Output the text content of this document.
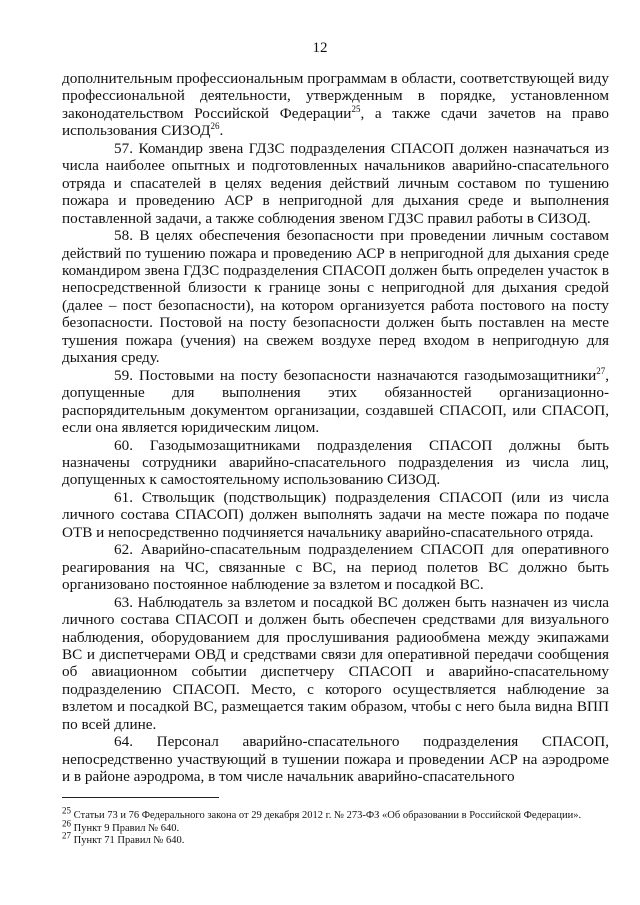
12

дополнительным профессиональным программам в области, соответствующей виду профессиональной деятельности, утвержденным в порядке, установленном законодательством Российской Федерации$^{25}$, а также сдачи зачетов на право использования СИЗОД$^{26}$.

57. Командир звена ГДЗС подразделения СПАСОП должен назначаться из числа наиболее опытных и подготовленных начальников аварийно-спасательного отряда и спасателей в целях ведения действий личным составом по тушению пожара и проведению АСР в непригодной для дыхания среде и выполнения поставленной задачи, а также соблюдения звеном ГДЗС правил работы в СИЗОД.

58. В целях обеспечения безопасности при проведении личным составом действий по тушению пожара и проведению АСР в непригодной для дыхания среде командиром звена ГДЗС подразделения СПАСОП должен быть определен участок в непосредственной близости к границе зоны с непригодной для дыхания средой (далее – пост безопасности), на котором организуется работа постового на посту безопасности. Постовой на посту безопасности должен быть поставлен на месте тушения пожара (учения) на свежем воздухе перед входом в непригодную для дыхания среду.

59. Постовыми на посту безопасности назначаются газодымозащитники$^{27}$, допущенные для выполнения этих обязанностей организационно-распорядительным документом организации, создавшей СПАСОП, или СПАСОП, если она является юридическим лицом.

60. Газодымозащитниками подразделения СПАСОП должны быть назначены сотрудники аварийно-спасательного подразделения из числа лиц, допущенных к самостоятельному использованию СИЗОД.

61. Ствольщик (подствольщик) подразделения СПАСОП (или из числа личного состава СПАСОП) должен выполнять задачи на месте пожара по подаче ОТВ и непосредственно подчиняется начальнику аварийно-спасательного отряда.

62. Аварийно-спасательным подразделением СПАСОП для оперативного реагирования на ЧС, связанные с ВС, на период полетов ВС должно быть организовано постоянное наблюдение за взлетом и посадкой ВС.

63. Наблюдатель за взлетом и посадкой ВС должен быть назначен из числа личного состава СПАСОП и должен быть обеспечен средствами для визуального наблюдения, оборудованием для прослушивания радиообмена между экипажами ВС и диспетчерами ОВД и средствами связи для оперативной передачи сообщения об авиационном событии диспетчеру СПАСОП и аварийно-спасательному подразделению СПАСОП. Место, с которого осуществляется наблюдение за взлетом и посадкой ВС, размещается таким образом, чтобы с него была видна ВПП по всей длине.

64. Персонал аварийно-спасательного подразделения СПАСОП, непосредственно участвующий в тушении пожара и проведении АСР на аэродроме и в районе аэродрома, в том числе начальник аварийно-спасательного

$^{25}$ Статьи 73 и 76 Федерального закона от 29 декабря 2012 г. № 273-ФЗ «Об образовании в Российской Федерации».
$^{26}$ Пункт 9 Правил № 640.
$^{27}$ Пункт 71 Правил № 640.
